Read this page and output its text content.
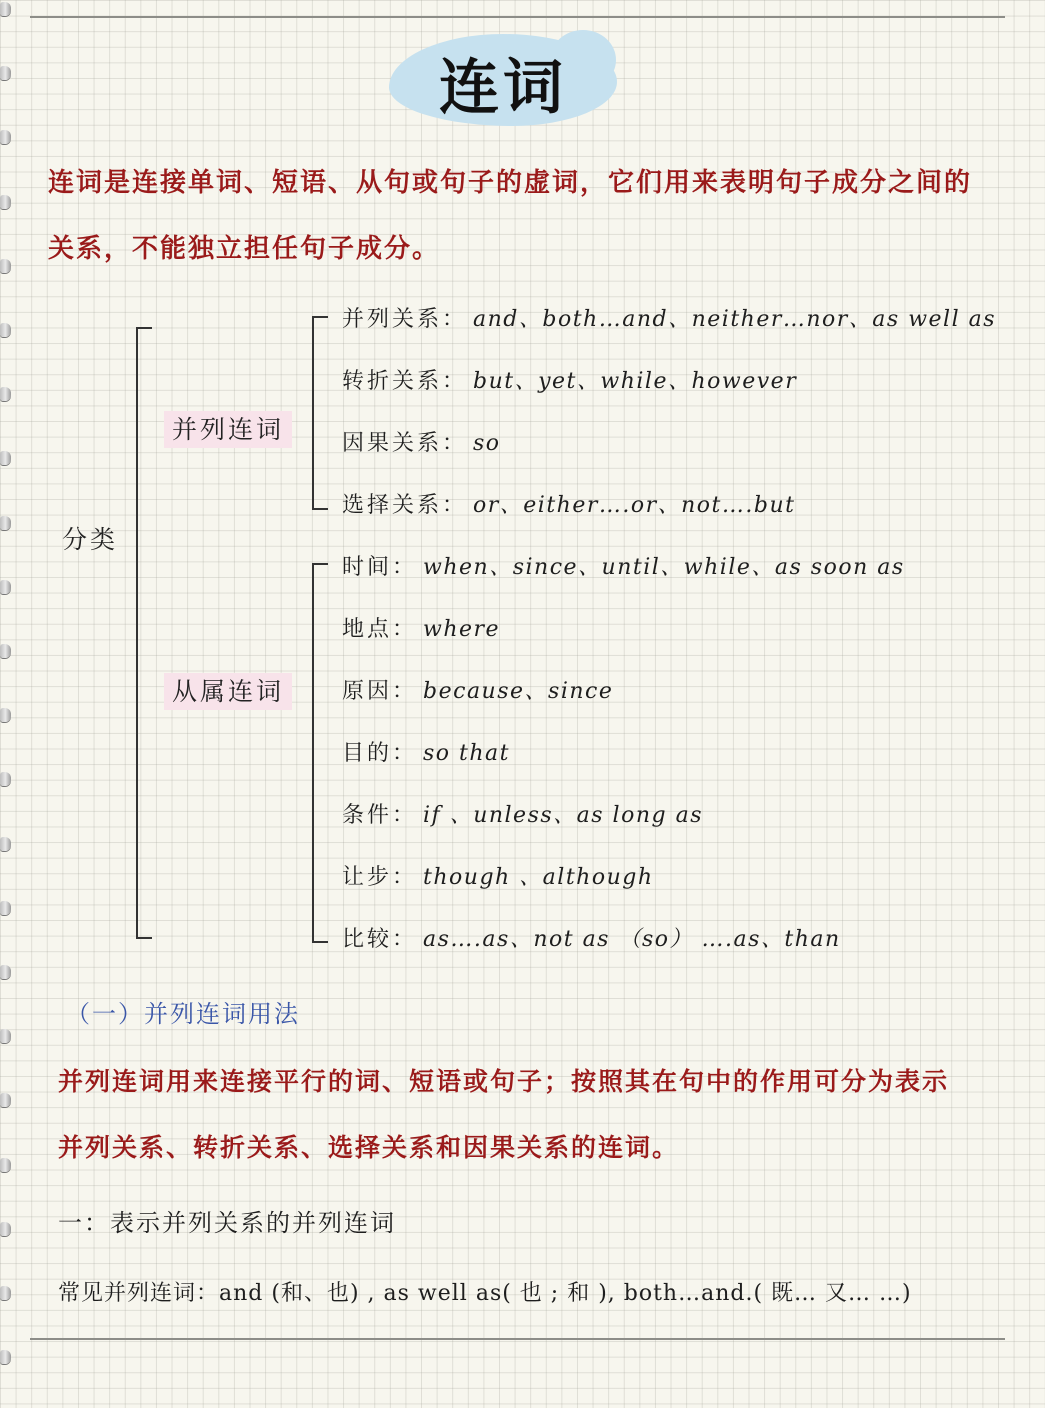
连词
连词是连接单词、短语、从句或句子的虚词，它们用来表明句子成分之间的
关系，不能独立担任句子成分。
分类
并列连词
从属连词
并列关系： and、both…and、neither…nor、as well as
转折关系： but、yet、while、however
因果关系： so
选择关系： or、either….or、not….but
时间： when、since、until、while、as soon as
地点： where
原因： because、since
目的： so that
条件： if 、unless、as long as
让步： though 、although
比较： as….as、not as （so） ….as、than
（一）并列连词用法
并列连词用来连接平行的词、短语或句子；按照其在句中的作用可分为表示
并列关系、转折关系、选择关系和因果关系的连词。
一：表示并列关系的并列连词
常见并列连词：and (和、也) , as well as( 也 ; 和 ), both…and.( 既… 又… …)
